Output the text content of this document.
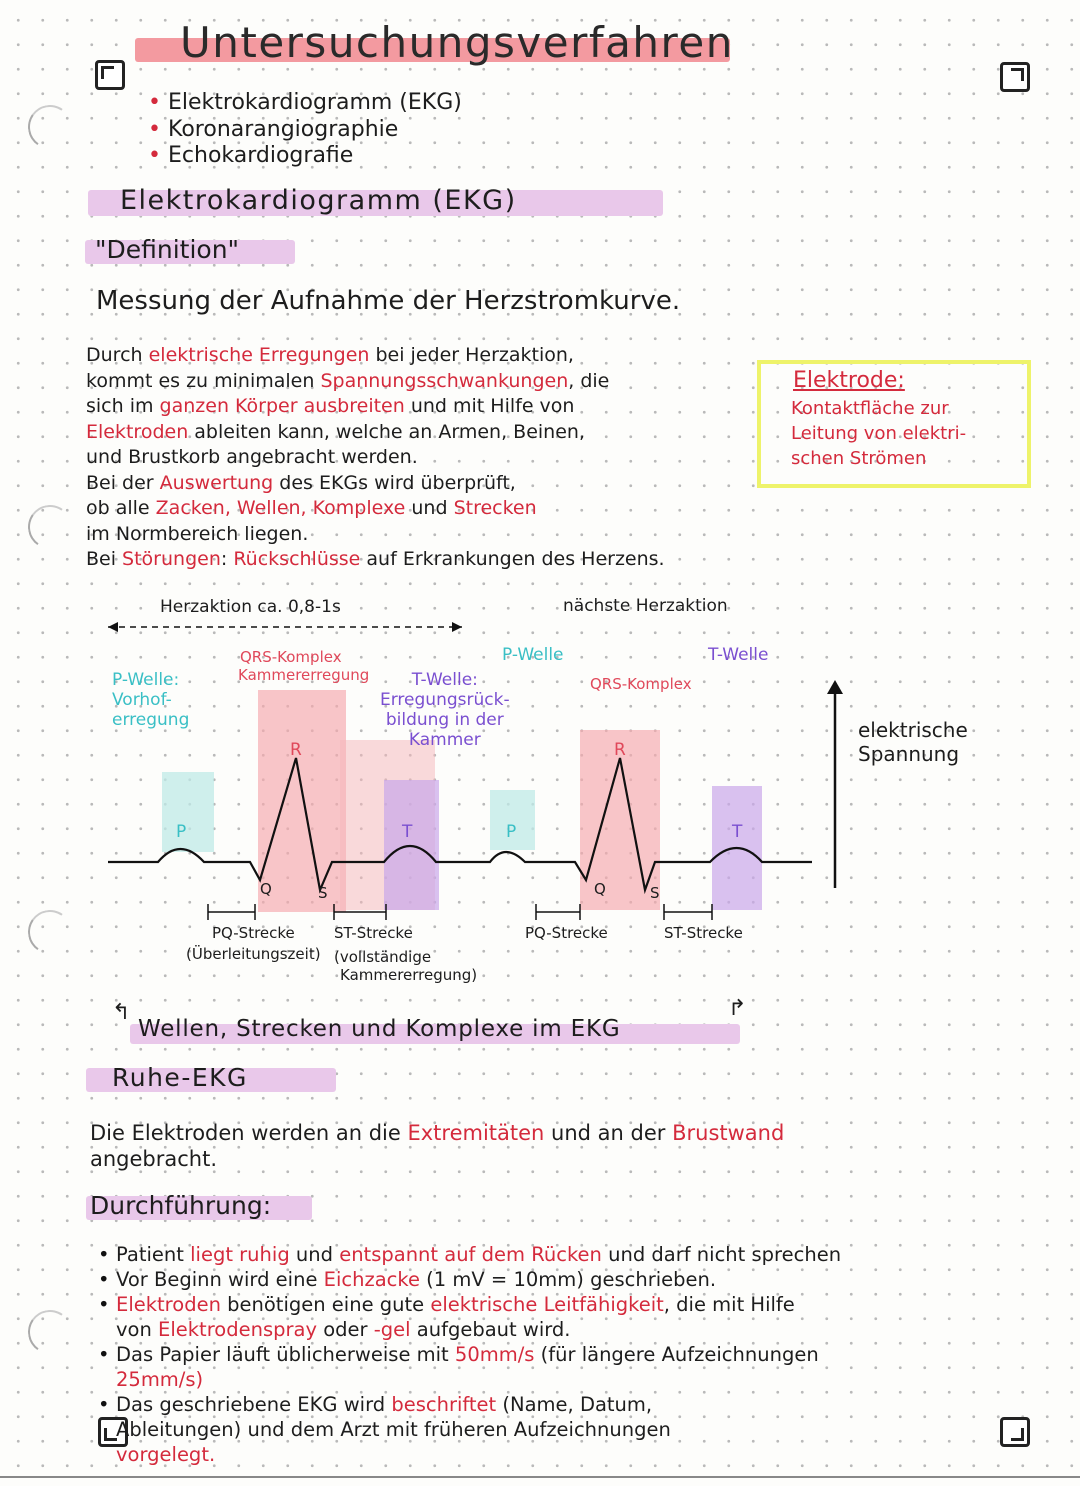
Untersuchungsverfahren
• Elektrokardiogramm (EKG)
• Koronarangiographie
• Echokardiografie
Elektrokardiogramm (EKG)
"Definition"
Messung der Aufnahme der Herzstromkurve.
Durch elektrische Erregungen bei jeder Herzaktion,
kommt es zu minimalen Spannungsschwankungen, die
sich im ganzen Körper ausbreiten und mit Hilfe von
Elektroden ableiten kann, welche an Armen, Beinen,
und Brustkorb angebracht werden.
Bei der Auswertung des EKGs wird überprüft,
ob alle Zacken, Wellen, Komplexe und Strecken
im Normbereich liegen.
Bei Störungen: Rückschlüsse auf Erkrankungen des Herzens.
Elektrode:
Kontaktfläche zur
Leitung von elektri-
schen Strömen
Herzaktion ca. 0,8-1s	nächste Herzaktion
P-Welle:
Vorhof-
erregung
QRS-Komplex
Kammererregung	T-Welle:
Erregungsrück-
bildung in der
Kammer
P-Welle
QRS-Komplex
T-Welle
R	R
P	P
T	T
Q	S	Q	S
PQ-Strecke
(Überleitungszeit)
ST-Strecke
(vollständige
Kammererregung)
PQ-Strecke	ST-Strecke
elektrische
Spannung
↰	↱
Wellen, Strecken und Komplexe im EKG
Ruhe-EKG
Die Elektroden werden an die Extremitäten und an der Brustwand
angebracht.
Durchführung:
• Patient liegt ruhig und entspannt auf dem Rücken und darf nicht sprechen
• Vor Beginn wird eine Eichzacke (1 mV = 10mm) geschrieben.
• Elektroden benötigen eine gute elektrische Leitfähigkeit, die mit Hilfe
von Elektrodenspray oder -gel aufgebaut wird.
• Das Papier läuft üblicherweise mit 50mm/s (für längere Aufzeichnungen
25mm/s)
• Das geschriebene EKG wird beschriftet (Name, Datum,
Ableitungen) und dem Arzt mit früheren Aufzeichnungen
vorgelegt.
